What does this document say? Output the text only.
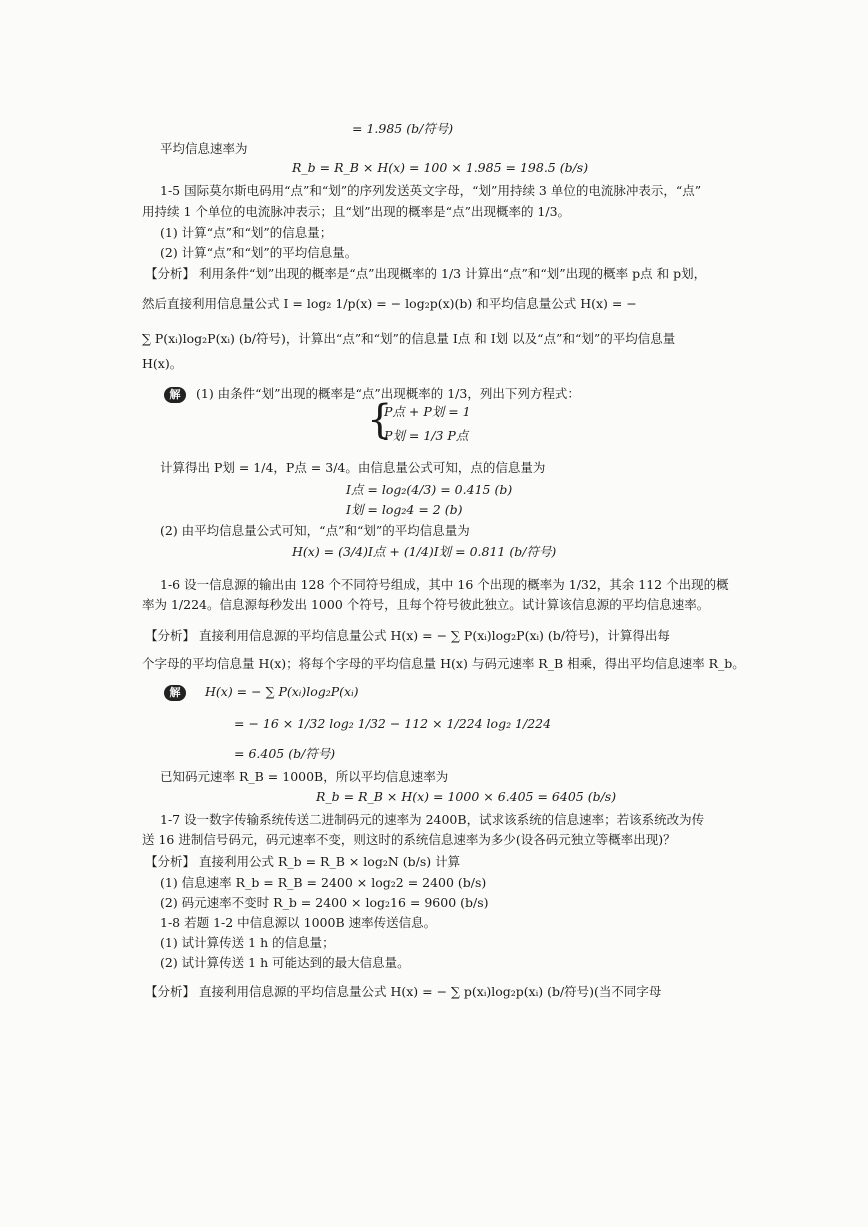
= 1.985 (b/符号)
平均信息速率为
R_b = R_B × H(x) = 100 × 1.985 = 198.5 (b/s)
1-5 国际莫尔斯电码用“点”和“划”的序列发送英文字母，“划”用持续 3 单位的电流脉冲表示，“点”
用持续 1 个单位的电流脉冲表示；且“划”出现的概率是“点”出现概率的 1/3。
(1) 计算“点”和“划”的信息量；
(2) 计算“点”和“划”的平均信息量。
【分析】 利用条件“划”出现的概率是“点”出现概率的 1/3 计算出“点”和“划”出现的概率 p点 和 p划，
然后直接利用信息量公式 I = log₂ 1/p(x) = − log₂p(x)(b) 和平均信息量公式 H(x) = −
∑ P(xᵢ)log₂P(xᵢ) (b/符号)，计算出“点”和“划”的信息量 I点 和 I划 以及“点”和“划”的平均信息量
H(x)。
解	(1) 由条件“划”出现的概率是“点”出现概率的 1/3，列出下列方程式：
{
P点 + P划 = 1
P划 = 1/3 P点
计算得出 P划 = 1/4，P点 = 3/4。由信息量公式可知，点的信息量为
I点 = log₂(4/3) = 0.415 (b)
I划 = log₂4 = 2 (b)
(2) 由平均信息量公式可知，“点”和“划”的平均信息量为
H(x) = (3/4)I点 + (1/4)I划 = 0.811 (b/符号)
1-6 设一信息源的输出由 128 个不同符号组成，其中 16 个出现的概率为 1/32，其余 112 个出现的概
率为 1/224。信息源每秒发出 1000 个符号，且每个符号彼此独立。试计算该信息源的平均信息速率。
【分析】 直接利用信息源的平均信息量公式 H(x) = − ∑ P(xᵢ)log₂P(xᵢ) (b/符号)，计算得出每
个字母的平均信息量 H(x)；将每个字母的平均信息量 H(x) 与码元速率 R_B 相乘，得出平均信息速率 R_b。
解	H(x) = − ∑ P(xᵢ)log₂P(xᵢ)
= − 16 × 1/32 log₂ 1/32 − 112 × 1/224 log₂ 1/224
= 6.405 (b/符号)
已知码元速率 R_B = 1000B，所以平均信息速率为
R_b = R_B × H(x) = 1000 × 6.405 = 6405 (b/s)
1-7 设一数字传输系统传送二进制码元的速率为 2400B，试求该系统的信息速率；若该系统改为传
送 16 进制信号码元，码元速率不变，则这时的系统信息速率为多少(设各码元独立等概率出现)？
【分析】 直接利用公式 R_b = R_B × log₂N (b/s) 计算
(1) 信息速率 R_b = R_B = 2400 × log₂2 = 2400 (b/s)
(2) 码元速率不变时 R_b = 2400 × log₂16 = 9600 (b/s)
1-8 若题 1-2 中信息源以 1000B 速率传送信息。
(1) 试计算传送 1 h 的信息量；
(2) 试计算传送 1 h 可能达到的最大信息量。
【分析】 直接利用信息源的平均信息量公式 H(x) = − ∑ p(xᵢ)log₂p(xᵢ) (b/符号)(当不同字母
